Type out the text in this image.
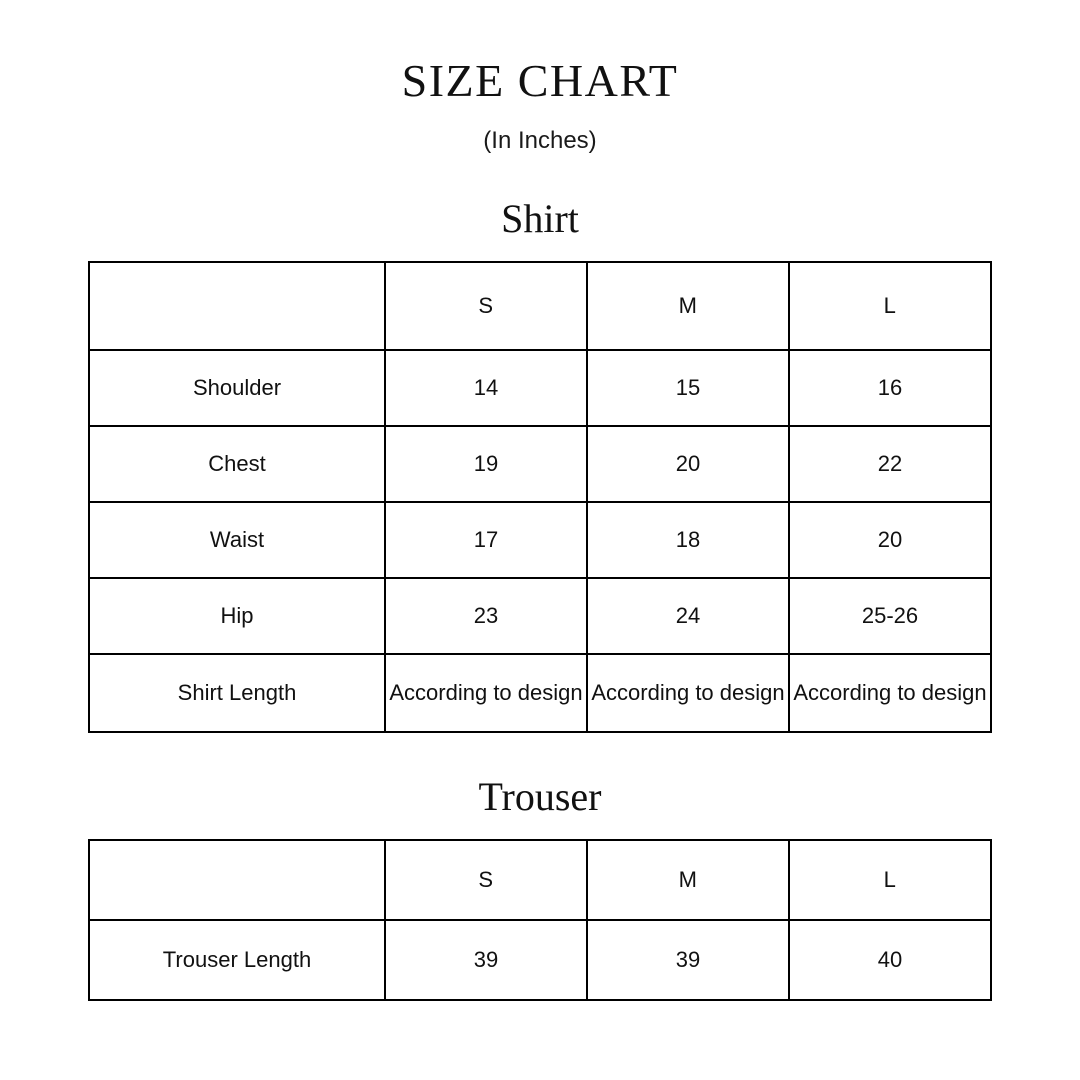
SIZE CHART
(In Inches)
Shirt
	S	M	L
Shoulder	14	15	16
Chest	19	20	22
Waist	17	18	20
Hip	23	24	25-26
Shirt Length	According to design	According to design	According to design
Trouser
	S	M	L
Trouser Length	39	39	40
